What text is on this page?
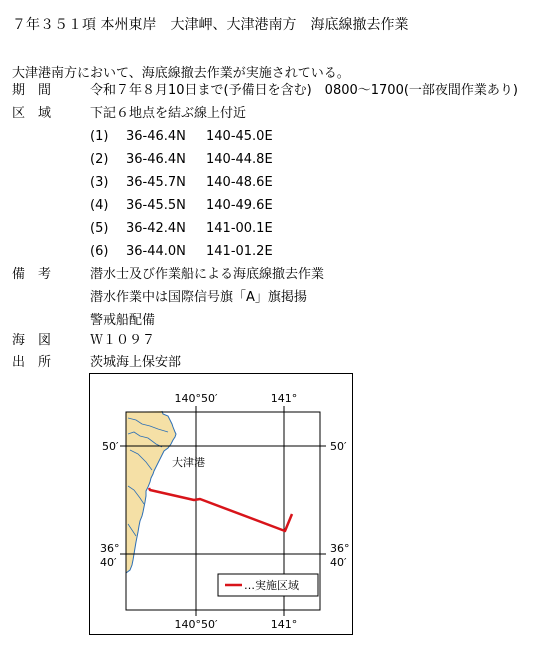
７年３５１項 本州東岸　大津岬、大津港南方　海底線撤去作業
大津港南方において、海底線撤去作業が実施されている。
期　間	令和７年８月10日まで(予備日を含む)　0800～1700(一部夜間作業あり)
区　域	下記６地点を結ぶ線上付近
(1) 36-46.4N 140-45.0E
(2) 36-46.4N 140-44.8E
(3) 36-45.7N 140-48.6E
(4) 36-45.5N 140-49.6E
(5) 36-42.4N 141-00.1E
(6) 36-44.0N 141-01.2E
備　考	潜水士及び作業船による海底線撤去作業
潜水作業中は国際信号旗「A」旗掲揚
警戒船配備
海　図	Ｗ１０９７
出　所	茨城海上保安部
140°50′	141°
140°50′	141°
50′	50′
36°
40′
36°
40′
大津港
…実施区域
